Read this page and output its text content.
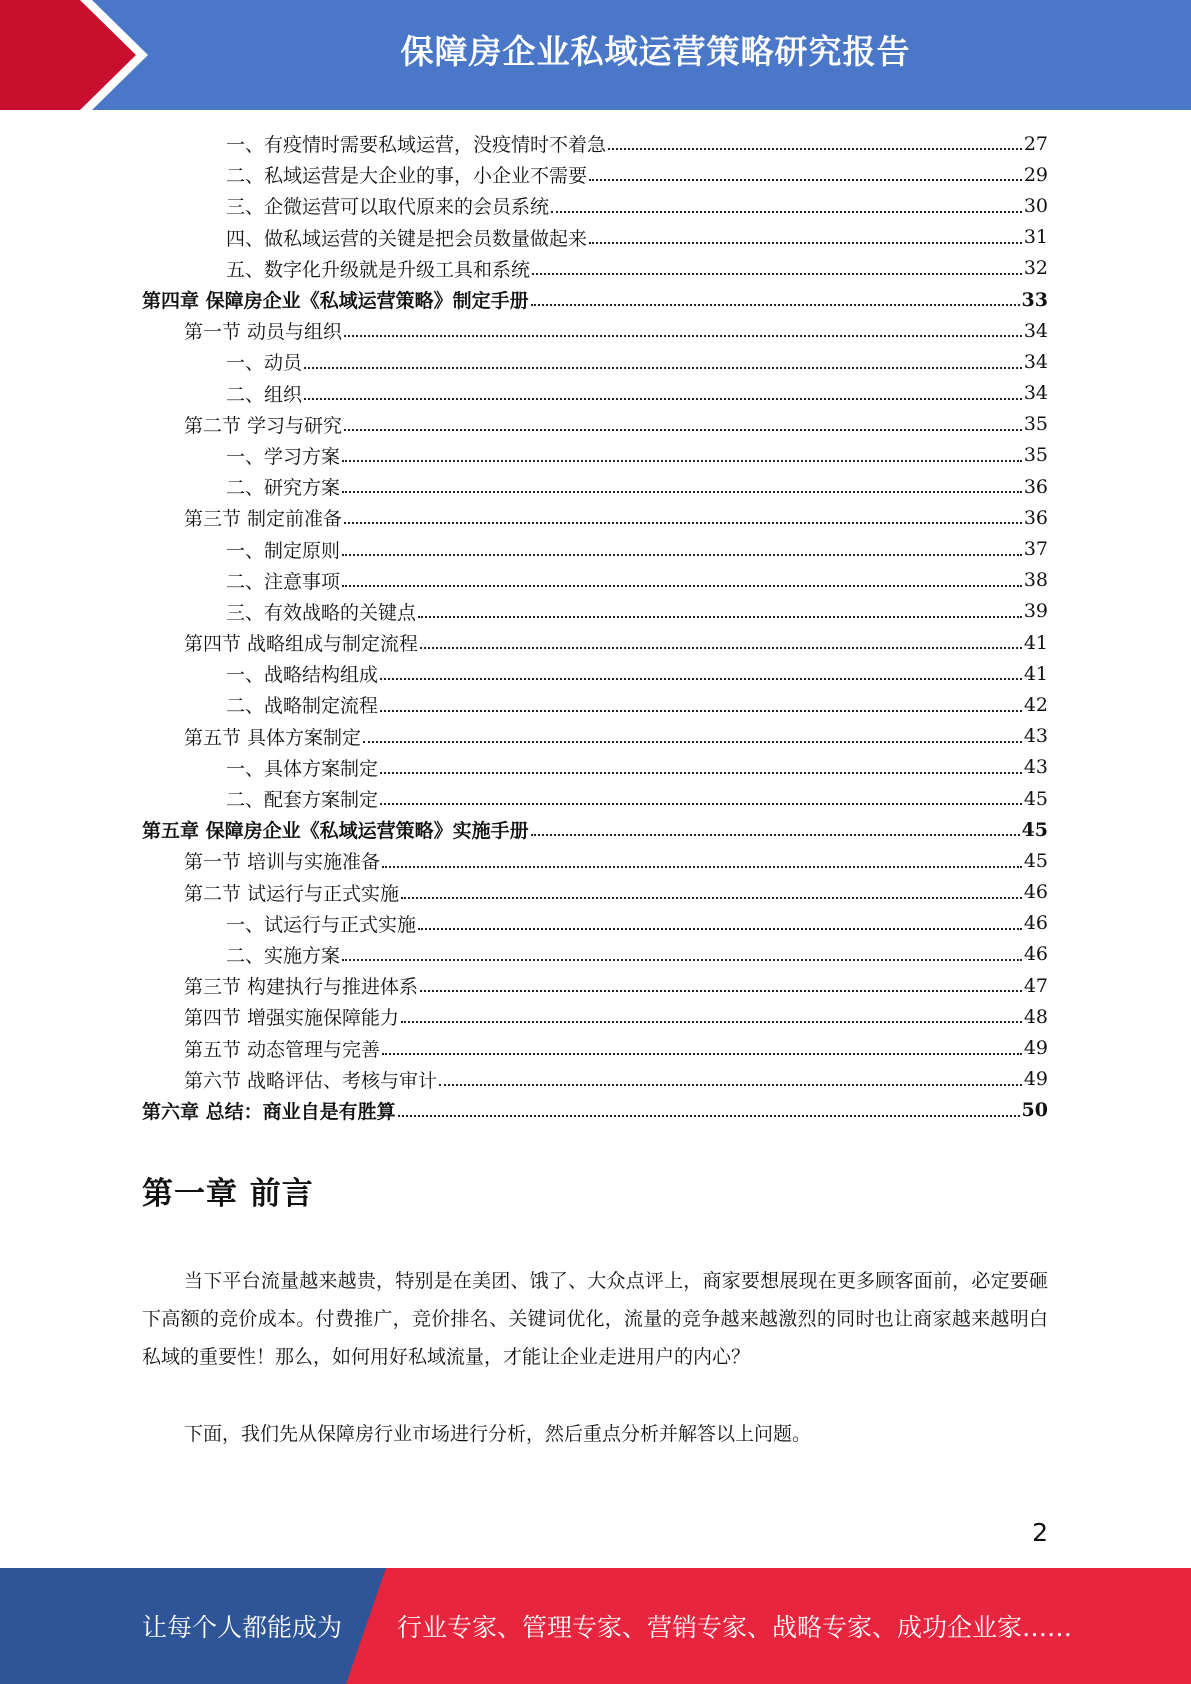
保障房企业私域运营策略研究报告
一、有疫情时需要私域运营，没疫情时不着急	27
二、私域运营是大企业的事，小企业不需要	29
三、企微运营可以取代原来的会员系统	30
四、做私域运营的关键是把会员数量做起来	31
五、数字化升级就是升级工具和系统	32
第四章 保障房企业《私域运营策略》制定手册	33
第一节 动员与组织	34
一、动员	34
二、组织	34
第二节 学习与研究	35
一、学习方案	35
二、研究方案	36
第三节 制定前准备	36
一、制定原则	37
二、注意事项	38
三、有效战略的关键点	39
第四节 战略组成与制定流程	41
一、战略结构组成	41
二、战略制定流程	42
第五节 具体方案制定	43
一、具体方案制定	43
二、配套方案制定	45
第五章 保障房企业《私域运营策略》实施手册	45
第一节 培训与实施准备	45
第二节 试运行与正式实施	46
一、试运行与正式实施	46
二、实施方案	46
第三节 构建执行与推进体系	47
第四节 增强实施保障能力	48
第五节 动态管理与完善	49
第六节 战略评估、考核与审计	49
第六章 总结：商业自是有胜算	50
第一章 前言
当下平台流量越来越贵，特别是在美团、饿了、大众点评上，商家要想展现在更多顾客面前，必定要砸下高额的竞价成本。付费推广，竞价排名、关键词优化，流量的竞争越来越激烈的同时也让商家越来越明白私域的重要性！那么，如何用好私域流量，才能让企业走进用户的内心？
下面，我们先从保障房行业市场进行分析，然后重点分析并解答以上问题。
2
让每个人都能成为 行业专家、管理专家、营销专家、战略专家、成功企业家……
